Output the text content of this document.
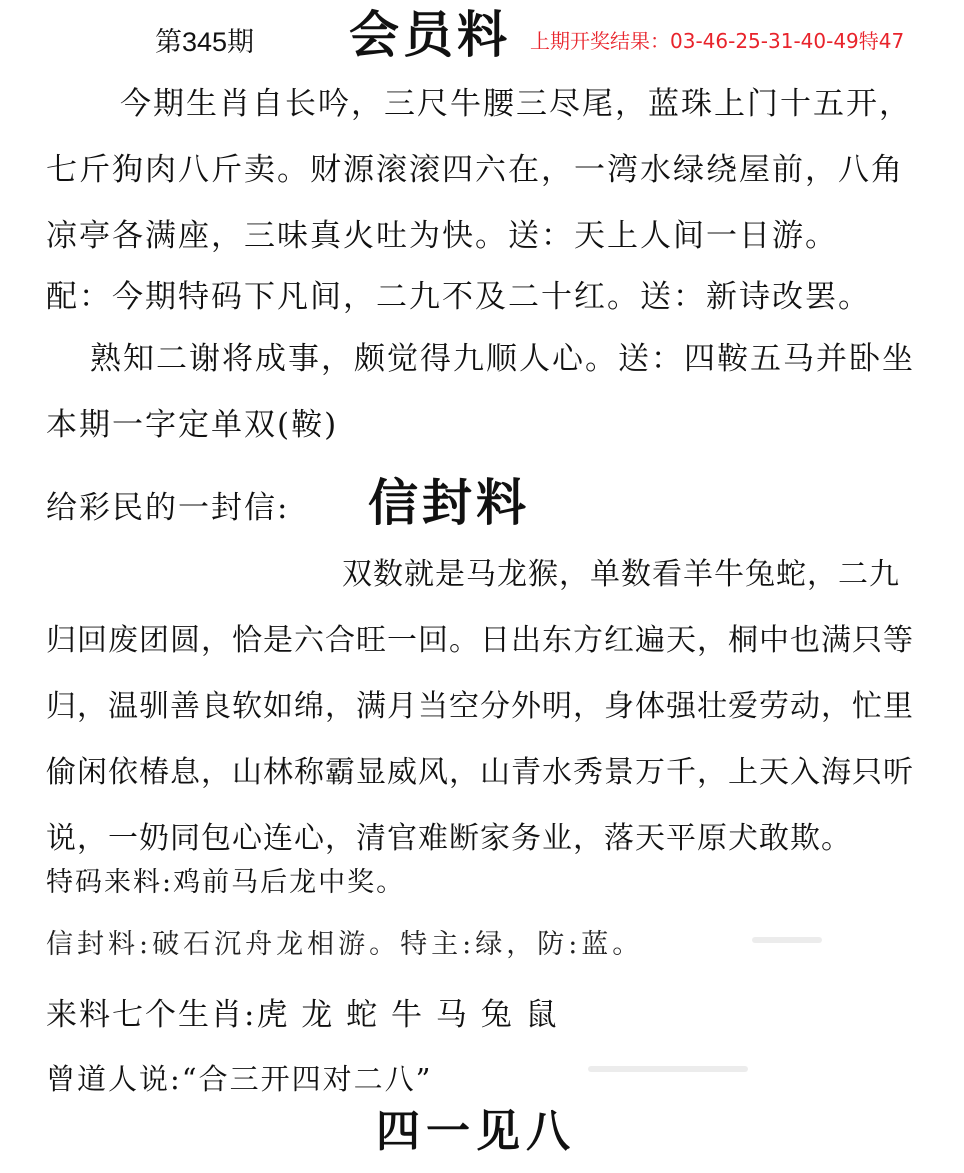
第345期 会员料 上期开奖结果：03-46-25-31-40-49特47

今期生肖自长吟，三尺牛腰三尽尾，蓝珠上门十五开，七斤狗肉八斤卖。财源滚滚四六在，一湾水绿绕屋前，八角凉亭各满座，三味真火吐为快。送：天上人间一日游。

配：今期特码下凡间，二九不及二十红。送：新诗改罢。
熟知二谢将成事，颇觉得九顺人心。送：四鞍五马并卧坐
本期一字定单双(鞍)
给彩民的一封信: 信封料

双数就是马龙猴，单数看羊牛兔蛇，二九
归回废团圆，恰是六合旺一回。日出东方红遍天，桐中也满只等归，温驯善良软如绵，满月当空分外明，身体强壮爱劳动，忙里偷闲依椿息，山林称霸显威风，山青水秀景万千，上天入海只听说，一奶同包心连心，清官难断家务业，落天平原犬敢欺。

特码来料:鸡前马后龙中奖。
信封料:破石沉舟龙相游。特主:绿，防:蓝。
来料七个生肖:虎 龙 蛇 牛 马 兔 鼠
曾道人说:“合三开四对二八”
四一见八
